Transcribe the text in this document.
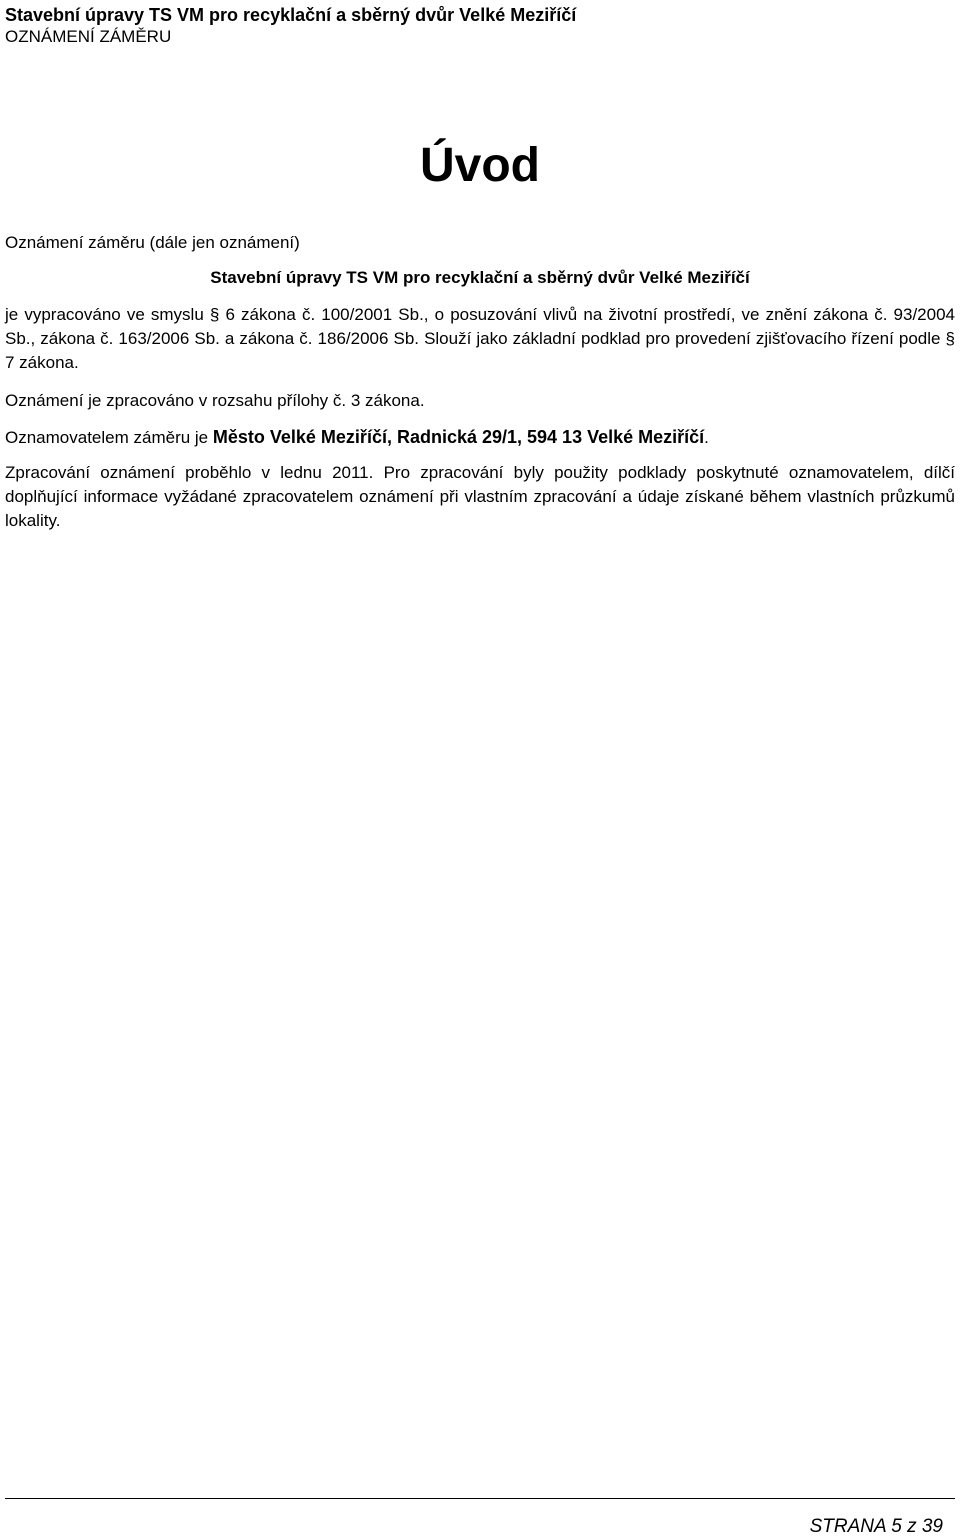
Stavební úpravy TS VM pro recyklační a sběrný dvůr Velké Meziříčí
OZNÁMENÍ ZÁMĚRU
Úvod
Oznámení záměru (dále jen oznámení)
Stavební úpravy TS VM pro recyklační a sběrný dvůr Velké Meziříčí
je vypracováno ve smyslu § 6 zákona č. 100/2001 Sb., o posuzování vlivů na životní prostředí, ve znění zákona č. 93/2004 Sb., zákona č. 163/2006 Sb. a zákona č. 186/2006 Sb. Slouží jako základní podklad pro provedení zjišťovacího řízení podle § 7 zákona.
Oznámení je zpracováno v rozsahu přílohy č. 3 zákona.
Oznamovatelem záměru je Město Velké Meziříčí, Radnická 29/1, 594 13 Velké Meziříčí.
Zpracování oznámení proběhlo v lednu 2011. Pro zpracování byly použity podklady poskytnuté oznamovatelem, dílčí doplňující informace vyžádané zpracovatelem oznámení při vlastním zpracování a údaje získané během vlastních průzkumů lokality.
STRANA 5 z 39
